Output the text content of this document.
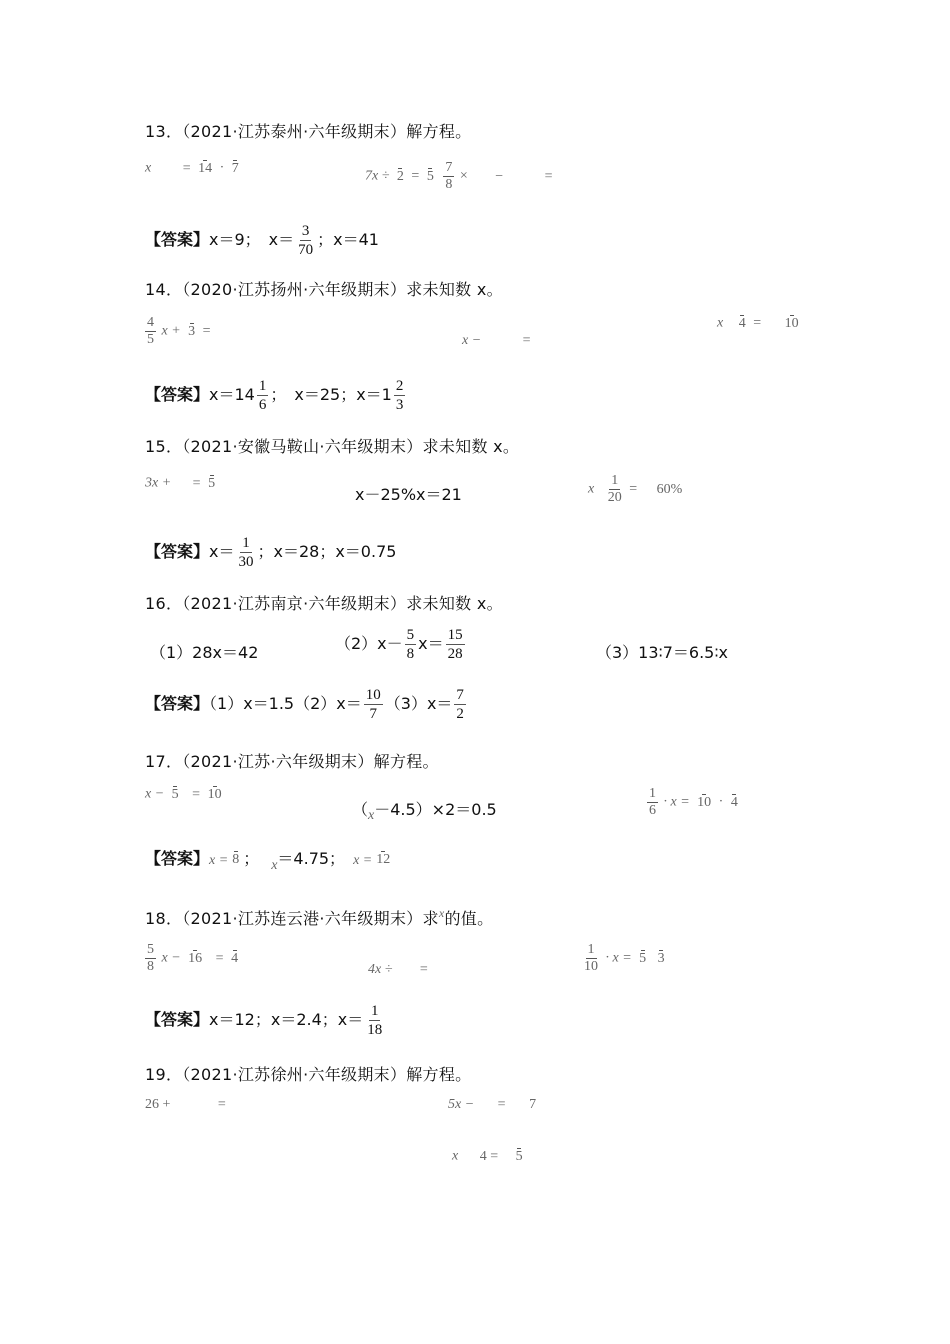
13．（2021·江苏泰州·六年级期末）解方程。
x = 14 · 7
7x ÷ 2 = 5
$\frac{7}{8}$ × −	=
【答案】x＝9；　$x= \frac{3}{70}$ ；x＝41
14．（2020·江苏扬州·六年级期末）求未知数 x。
$\frac{4}{5}$ x + 3 =
x −	=
x 4 = 10
【答案】$x=14 \frac{1}{6}$ ；　x＝25；$x=1 \frac{2}{3}$
15．（2021·安徽马鞍山·六年级期末）求未知数 x。
3x + = 5
x－25%x＝21	x $\frac{1}{20} = 60\%$
【答案】$x= \frac{1}{30}$ ；x＝28；x＝0.75
16．（2021·江苏南京·六年级期末）求未知数 x。
（1）28x＝42	$(2)x- \frac{5}{8} x= \frac{15}{28}$	（3）13∶7＝6.5∶x
【答案】$(1)x=1.5(2)x= \frac{10}{7} (3)x= \frac{7}{2}$
17．（2021·江苏·六年级期末）解方程。
x − 5 = 10
（x－4.5）×2＝0.5	$\frac{1}{6} \cdot x = 10 \cdot 4$
【答案】x = 8 ； x＝4.75； x = 12
18．（2021·江苏连云港·六年级期末）求$^x$的值。
$\frac{5}{8}$ x − 16 = 4
4x ÷ =	$\frac{1}{10} \cdot x = 5$
3
【答案】x＝12；x＝2.4；$x= \frac{1}{18}$
19．（2021·江苏徐州·六年级期末）解方程。
26 +	=	5x − = 7
x 4 = 5
